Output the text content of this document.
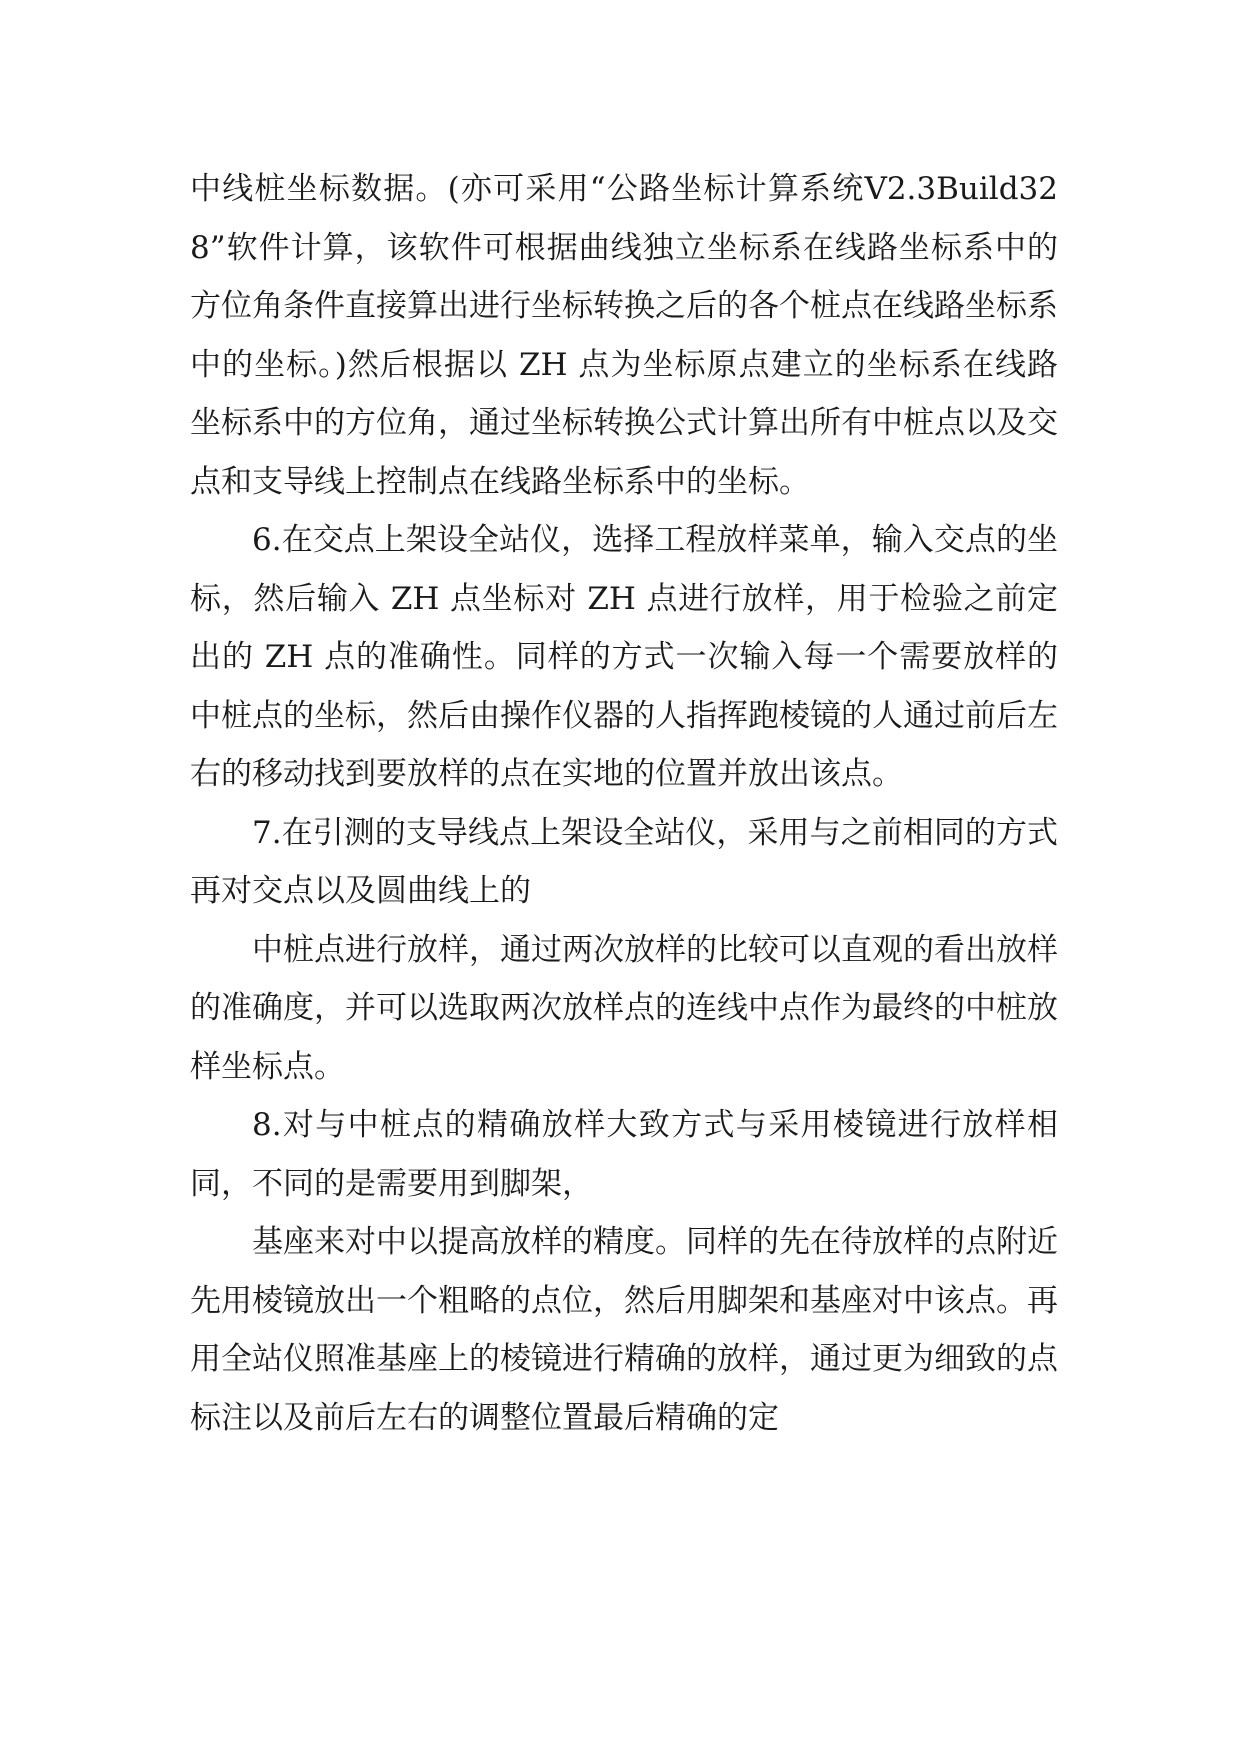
中线桩坐标数据。(亦可采用“公路坐标计算系统V2.3Build328”软件计算，该软件可根据曲线独立坐标系在线路坐标系中的方位角条件直接算出进行坐标转换之后的各个桩点在线路坐标系中的坐标。)然后根据以 ZH 点为坐标原点建立的坐标系在线路坐标系中的方位角，通过坐标转换公式计算出所有中桩点以及交点和支导线上控制点在线路坐标系中的坐标。

6.在交点上架设全站仪，选择工程放样菜单，输入交点的坐标，然后输入 ZH 点坐标对 ZH 点进行放样，用于检验之前定出的 ZH 点的准确性。同样的方式一次输入每一个需要放样的中桩点的坐标，然后由操作仪器的人指挥跑棱镜的人通过前后左右的移动找到要放样的点在实地的位置并放出该点。

7.在引测的支导线点上架设全站仪，采用与之前相同的方式再对交点以及圆曲线上的

中桩点进行放样，通过两次放样的比较可以直观的看出放样的准确度，并可以选取两次放样点的连线中点作为最终的中桩放样坐标点。

8.对与中桩点的精确放样大致方式与采用棱镜进行放样相同，不同的是需要用到脚架，

基座来对中以提高放样的精度。同样的先在待放样的点附近先用棱镜放出一个粗略的点位，然后用脚架和基座对中该点。再用全站仪照准基座上的棱镜进行精确的放样，通过更为细致的点标注以及前后左右的调整位置最后精确的定
